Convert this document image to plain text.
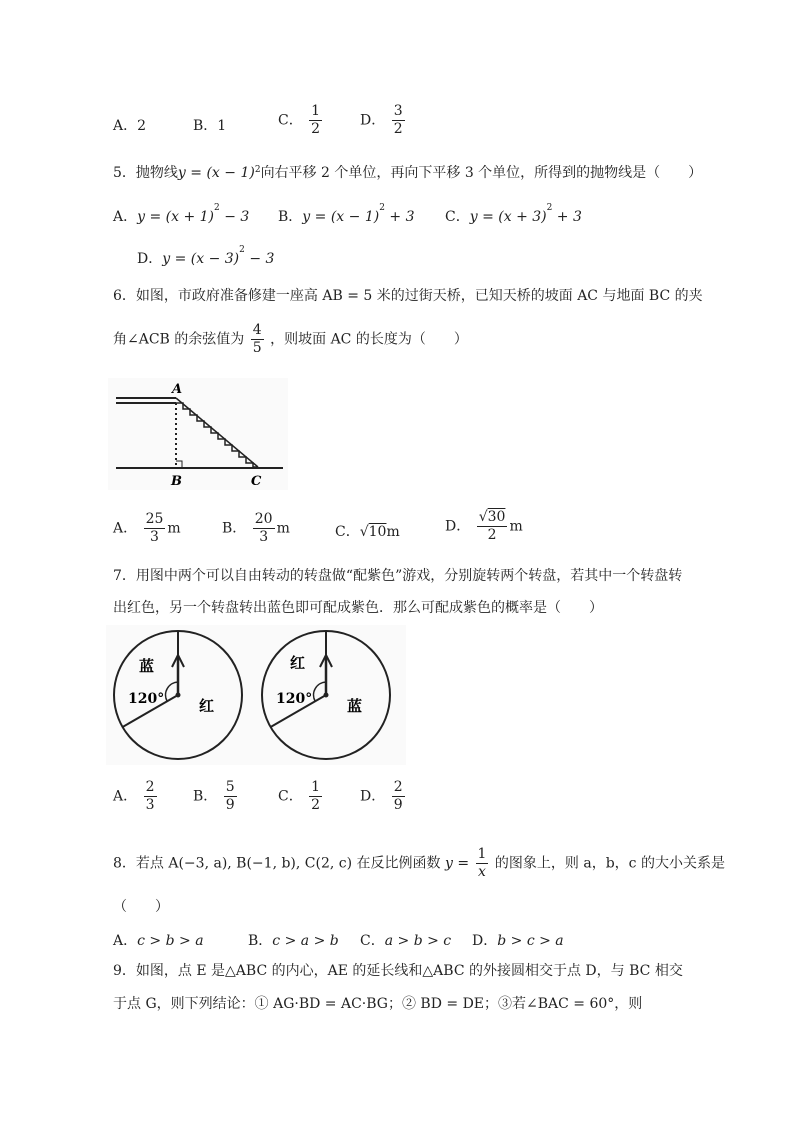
A．2	B．1	C． $\frac{1}{2}$	D． $\frac{3}{2}$
5．抛物线$y = (x - 1)^2$向右平移 2 个单位，再向下平移 3 个单位，所得到的抛物线是（　　）
A．$y = (x + 1)^2 - 3$ B．$y = (x - 1)^2 + 3$ C．$y = (x + 3)^2 + 3$
D．$y = (x - 3)^2 - 3$
6．如图，市政府准备修建一座高 AB = 5 米的过街天桥，已知天桥的坡面 AC 与地面 BC 的夹
角∠ACB 的余弦值为 $\frac{4}{5}$ ，则坡面 AC 的长度为（　　）
A
B	C
A． $\frac{25}{3}$ m	B． $\frac{20}{3}$ m	C．√10m	D． $\frac{√30}{2}$ m
7．用图中两个可以自由转动的转盘做“配紫色”游戏，分别旋转两个转盘，若其中一个转盘转
出红色，另一个转盘转出蓝色即可配成紫色．那么可配成紫色的概率是（　　）
蓝
120° 红
红
120° 蓝
A． $\frac{2}{3}$	B． $\frac{5}{9}$	C． $\frac{1}{2}$	D． $\frac{2}{9}$
8．若点 A(−3, a), B(−1, b), C(2, c) 在反比例函数 $y = \frac{1}{x}$ 的图象上，则 a，b，c 的大小关系是
（　　）
A．c > b > a	B．c > a > b C．a > b > c D．b > c > a
9．如图，点 E 是△ABC 的内心，AE 的延长线和△ABC 的外接圆相交于点 D，与 BC 相交
于点 G，则下列结论：① AG·BD = AC·BG；② BD = DE；③若∠BAC = 60°，则
